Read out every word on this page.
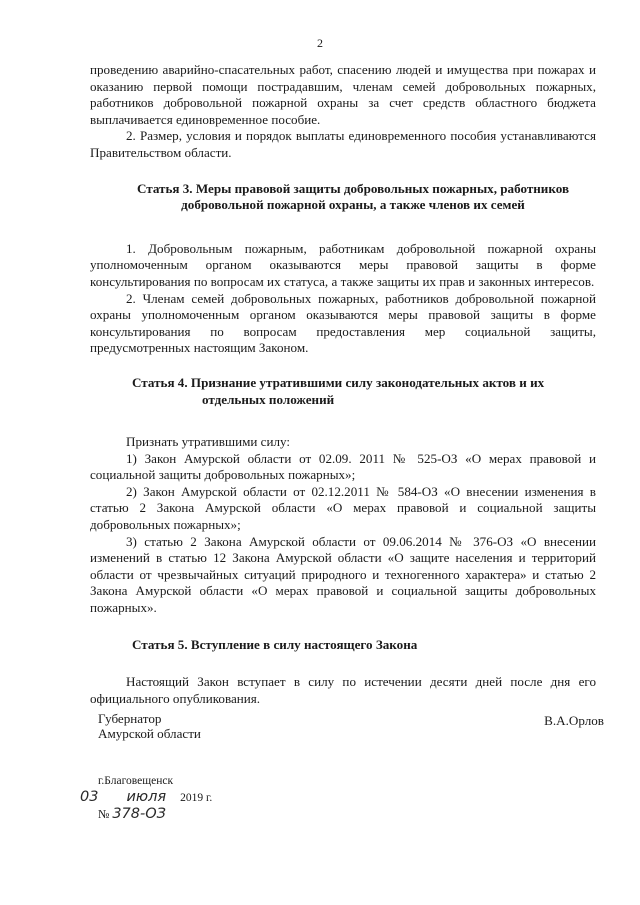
2

проведению аварийно-спасательных работ, спасению людей и имущества при пожарах и оказанию первой помощи пострадавшим, членам семей добровольных пожарных, работников добровольной пожарной охраны за счет средств областного бюджета выплачивается единовременное пособие.

2. Размер, условия и порядок выплаты единовременного пособия устанавливаются Правительством области.

Статья 3. Меры правовой защиты добровольных пожарных, работников добровольной пожарной охраны, а также членов их семей

1. Добровольным пожарным, работникам добровольной пожарной охраны уполномоченным органом оказываются меры правовой защиты в форме консультирования по вопросам их статуса, а также защиты их прав и законных интересов.

2. Членам семей добровольных пожарных, работников добровольной пожарной охраны уполномоченным органом оказываются меры правовой защиты в форме консультирования по вопросам предоставления мер социальной защиты, предусмотренных настоящим Законом.

Статья 4. Признание утратившими силу законодательных актов и их
отдельных положений

Признать утратившими силу:

1) Закон Амурской области от 02.09. 2011 № 525-ОЗ «О мерах правовой и социальной защиты добровольных пожарных»;

2) Закон Амурской области от 02.12.2011 № 584-ОЗ «О внесении изменения в статью 2 Закона Амурской области «О мерах правовой и социальной защиты добровольных пожарных»;

3) статью 2 Закона Амурской области от 09.06.2014 № 376-ОЗ «О внесении изменений в статью 12 Закона Амурской области «О защите населения и территорий области от чрезвычайных ситуаций природного и техногенного характера» и статью 2 Закона Амурской области «О мерах правовой и социальной защиты добровольных пожарных».

Статья 5. Вступление в силу настоящего Закона

Настоящий Закон вступает в силу по истечении десяти дней после дня его официального опубликования.

Губернатор
Амурской области
В.А.Орлов
г.Благовещенск
03 июля 2019 г.
№ 378-ОЗ
